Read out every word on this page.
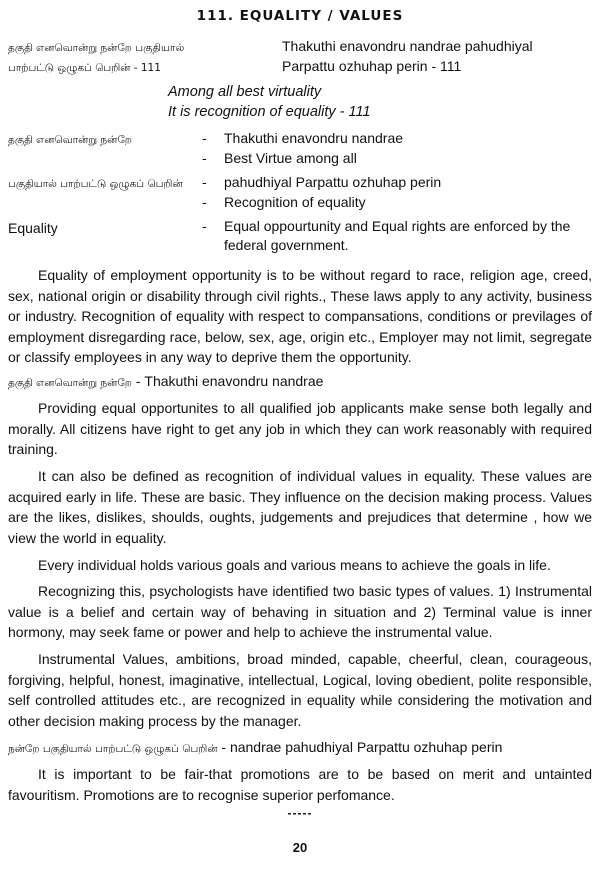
111. EQUALITY / VALUES
தகுதி எனவொன்று நன்றே பகுதியால்
பாற்பட்டு ஒழுகப் பெறின் - 111
Thakuthi enavondru nandrae pahudhiyal
Parpattu ozhuhap perin - 111
Among all best virtuality
It is recognition of equality - 111
தகுதி எனவொன்று நன்றே	- Thakuthi enavondru nandrae
- Best Virtue among all
பகுதியால் பாற்பட்டு ஒழுகப் பெறின் - pahudhiyal Parpattu ozhuhap perin
- Recognition of equality
Equality	- Equal oppourtunity and Equal rights are enforced by the federal government.
Equality of employment opportunity is to be without regard to race, religion age, creed, sex, national origin or disability through civil rights., These laws apply to any activity, business or industry. Recognition of equality with respect to compansations, conditions or previlages of employment disregarding race, below, sex, age, origin etc., Employer may not limit, segregate or classify employees in any way to deprive them the opportunity.
தகுதி எனவொன்று நன்றே - Thakuthi enavondru nandrae
Providing equal opportunites to all qualified job applicants make sense both legally and morally. All citizens have right to get any job in which they can work reasonably with required training.
It can also be defined as recognition of individual values in equality. These values are acquired early in life. These are basic. They influence on the decision making process. Values are the likes, dislikes, shoulds, oughts, judgements and prejudices that determine , how we view the world in equality.
Every individual holds various goals and various means to achieve the goals in life.
Recognizing this, psychologists have identified two basic types of values. 1) Instrumental value is a belief and certain way of behaving in situation and 2) Terminal value is inner hormony, may seek fame or power and help to achieve the instrumental value.
Instrumental Values, ambitions, broad minded, capable, cheerful, clean, courageous, forgiving, helpful, honest, imaginative, intellectual, Logical, loving obedient, polite responsible, self controlled attitudes etc., are recognized in equality while considering the motivation and other decision making process by the manager.
நன்றே பகுதியால் பாற்பட்டு ஒழுகப் பெறின் - nandrae pahudhiyal Parpattu ozhuhap perin
It is important to be fair-that promotions are to be based on merit and untainted favouritism. Promotions are to recognise superior perfomance.
-----
20
